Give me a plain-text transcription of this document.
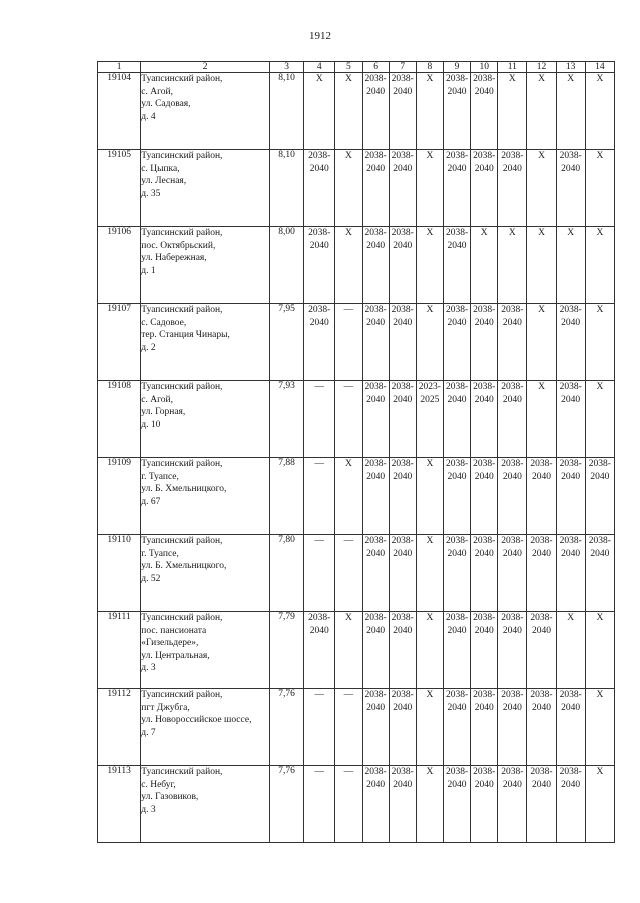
1912
1	2	3	4	5	6	7	8	9	10	11	12	13	14
19104	Туапсинский район,
с. Агой,
ул. Садовая,
д. 4	8,10	X	X	2038-
2040	2038-
2040	X	2038-
2040	2038-
2040	X	X	X	X
19105	Туапсинский район,
с. Цыпка,
ул. Лесная,
д. 35	8,10	2038-
2040	X	2038-
2040	2038-
2040	X	2038-
2040	2038-
2040	2038-
2040	X	2038-
2040	X
19106	Туапсинский район,
пос. Октябрьский,
ул. Набережная,
д. 1	8,00	2038-
2040	X	2038-
2040	2038-
2040	X	2038-
2040	X	X	X	X	X
19107	Туапсинский район,
с. Садовое,
тер. Станция Чинары,
д. 2	7,95	2038-
2040	—	2038-
2040	2038-
2040	X	2038-
2040	2038-
2040	2038-
2040	X	2038-
2040	X
19108	Туапсинский район,
с. Агой,
ул. Горная,
д. 10	7,93	—	—	2038-
2040	2038-
2040	2023-
2025	2038-
2040	2038-
2040	2038-
2040	X	2038-
2040	X
19109	Туапсинский район,
г. Туапсе,
ул. Б. Хмельницкого,
д. 67	7,88	—	X	2038-
2040	2038-
2040	X	2038-
2040	2038-
2040	2038-
2040	2038-
2040	2038-
2040	2038-
2040

19110	Туапсинский район,
г. Туапсе,
ул. Б. Хмельницкого,
д. 52	7,80	—	—	2038-
2040	2038-
2040	X	2038-
2040	2038-
2040	2038-
2040	2038-
2040	2038-
2040	2038-
2040

19111	Туапсинский район,
пос. пансионата
«Гизельдере»,
ул. Центральная,
д. 3	7,79	2038-
2040	X	2038-
2040	2038-
2040	X	2038-
2040	2038-
2040	2038-
2040	2038-
2040	X	X
19112	Туапсинский район,
пгт Джубга,
ул. Новороссийское шоссе,
д. 7	7,76	—	—	2038-
2040	2038-
2040	X	2038-
2040	2038-
2040	2038-
2040	2038-
2040	2038-
2040	X
19113	Туапсинский район,
с. Небуг,
ул. Газовиков,
д. 3	7,76	—	—	2038-
2040	2038-
2040	X	2038-
2040	2038-
2040	2038-
2040	2038-
2040	2038-
2040	X
